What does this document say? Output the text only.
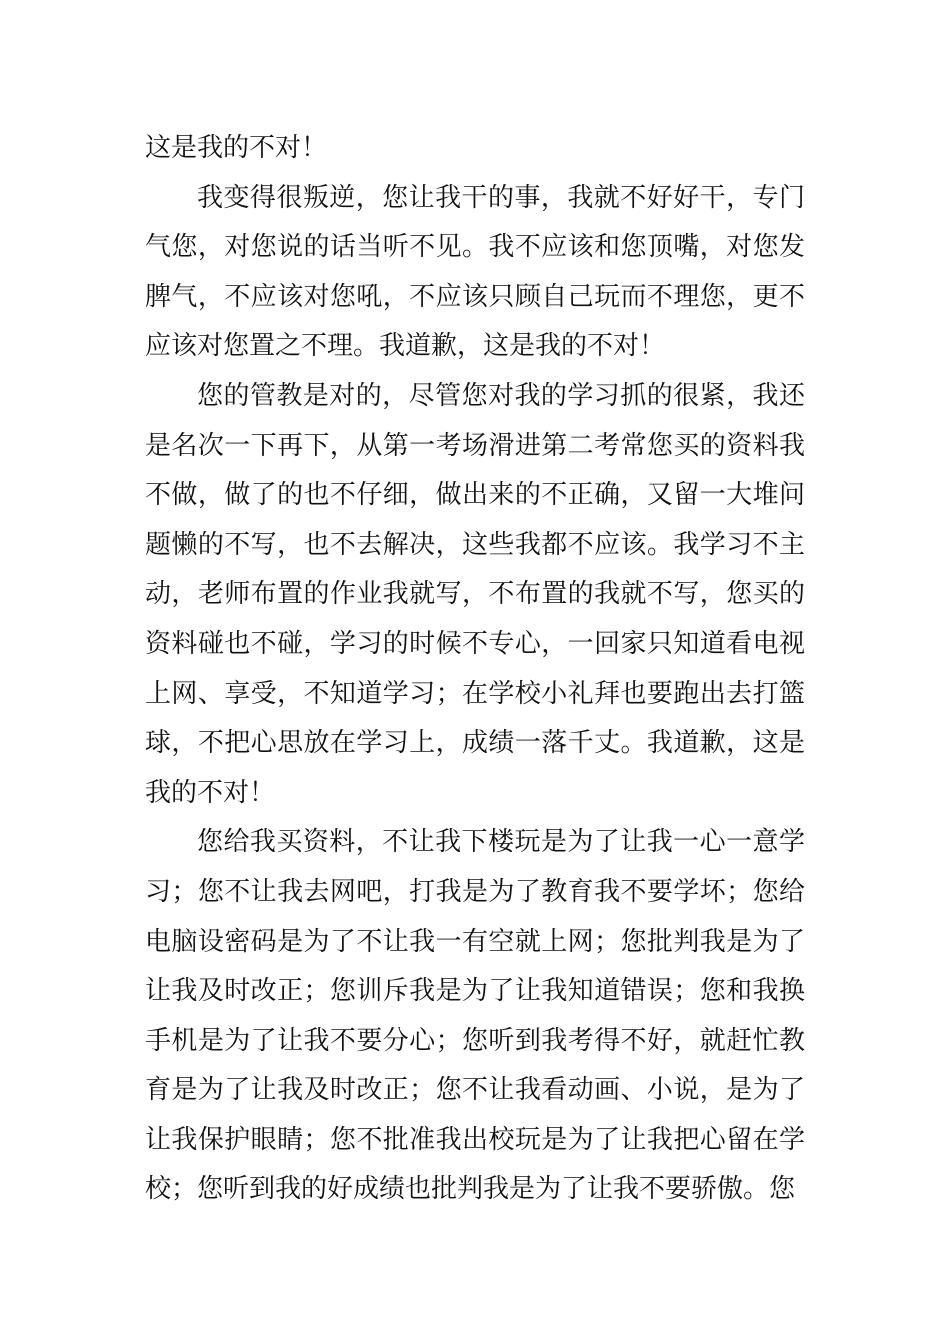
这是我的不对！

我变得很叛逆，您让我干的事，我就不好好干，专门气您，对您说的话当听不见。我不应该和您顶嘴，对您发脾气，不应该对您吼，不应该只顾自己玩而不理您，更不应该对您置之不理。我道歉，这是我的不对！

您的管教是对的，尽管您对我的学习抓的很紧，我还是名次一下再下，从第一考场滑进第二考常您买的资料我不做，做了的也不仔细，做出来的不正确，又留一大堆问题懒的不写，也不去解决，这些我都不应该。我学习不主动，老师布置的作业我就写，不布置的我就不写，您买的资料碰也不碰，学习的时候不专心，一回家只知道看电视上网、享受，不知道学习；在学校小礼拜也要跑出去打篮球，不把心思放在学习上，成绩一落千丈。我道歉，这是我的不对！

您给我买资料，不让我下楼玩是为了让我一心一意学习；您不让我去网吧，打我是为了教育我不要学坏；您给电脑设密码是为了不让我一有空就上网；您批判我是为了让我及时改正；您训斥我是为了让我知道错误；您和我换手机是为了让我不要分心；您听到我考得不好，就赶忙教育是为了让我及时改正；您不让我看动画、小说，是为了让我保护眼睛；您不批准我出校玩是为了让我把心留在学校；您听到我的好成绩也批判我是为了让我不要骄傲。您
